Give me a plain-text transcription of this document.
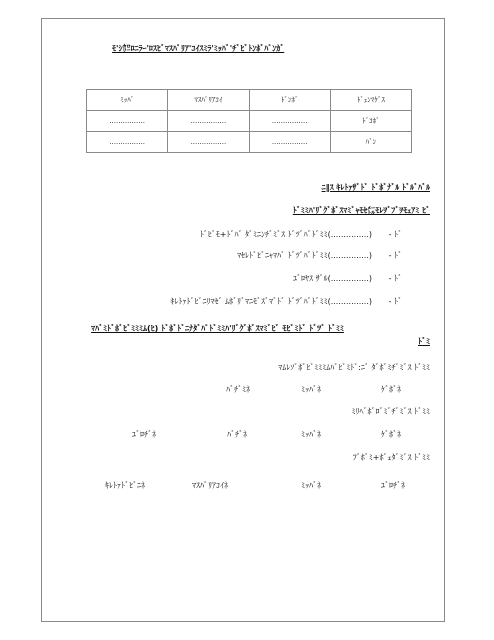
ﾓ'ｼ㌍ﾛﾆﾗｰ'ﾛｽﾋﾞﾏｽﾊﾟﾘｱ'ｺｲｽﾐﾗ'ﾐｯﾊﾞ'ﾁﾞﾋﾞﾄﾝﾎﾞﾊﾟﾝｶﾞ
ﾐｯﾊﾞ	ﾏｽﾊﾟﾘｱｺｲ	ﾄﾞﾝﾎﾞ	ﾄﾞｪﾝﾏｹﾞｽ
................	................	................	ﾄﾞｺﾎﾞ
................	................	................	ﾊﾞﾝ
ﾆ‖ｽ ｷﾚﾄｧｻﾞﾄﾞ ﾄﾞﾎﾞﾅﾞﾙ ﾄﾞﾙﾞﾊﾞﾙ
ﾄﾞﾐﾐﾊ'ﾘﾞｸﾞﾎﾞｽﾏﾐﾞｬﾓｾ㍍ﾓﾚｦﾞﾌﾞｦﾓｪｱﾐ ﾋﾞ
ﾄﾞﾋﾞﾓ+ﾄﾞﾊﾞ ﾀﾞﾐﾆﾝﾁﾞﾐﾞｽ ﾄﾞﾂﾞﾊﾞﾄﾞﾐﾐ(...............) - ﾄﾞ
ﾏｾﾚﾄﾞﾋﾞﾆｬﾏﾊﾞ ﾄﾞﾂﾞﾊﾞﾄﾞﾐﾐ(...............) - ﾄﾞ
ﾕﾞﾛﾔｽ ｻﾞﾙ(...............) - ﾄﾞ
ｷﾚﾄｧﾄﾞﾋﾞﾆﾘﾏｾﾞ ﾑﾎﾞﾘﾞﾏﾆﾓﾞｽﾞﾏﾞﾄﾞ ﾄﾞﾂﾞﾊﾞﾄﾞﾐﾐ(...............) - ﾄﾞ
ﾏﾊﾞﾐﾄﾞﾎﾞﾋﾞﾐﾐﾐﾑ(ﾋ) ﾄﾞﾎﾞﾄﾞﾆﾅﾀﾞﾊﾟﾄﾞﾐﾐﾊ'ﾘﾞｸﾞﾎﾞｽﾏﾐﾞﾋﾞ ﾓﾋﾞﾐﾄﾞ ﾄﾞﾂﾞ ﾄﾞﾐﾐ
ﾄﾞﾐ
ﾏﾑﾚｿﾞﾎﾞﾋﾞﾐﾐﾐﾑﾊﾞﾋﾞﾐﾄﾞ:ﾆﾞ ﾀﾞﾎﾞﾐﾁﾞﾐﾞｽ ﾄﾞﾐﾐ
ﾊﾞﾁﾞﾐﾈ	ﾐｯﾊﾞﾈ	ｹﾞﾎﾞﾈ
ﾐﾘﾍﾞﾎﾞﾛﾞﾐﾞﾁﾞﾐﾞｽ ﾄﾞﾐﾐ
ﾕﾞﾛﾁﾞﾈ	ﾊﾞﾁﾞﾈ	ﾐｯﾊﾞﾈ	ｹﾞﾎﾞﾈ
ﾌﾞﾎﾞﾐ+ﾎﾞｪﾀﾞﾐﾞｽ ﾄﾞﾐﾐ
ｷﾚﾄｧﾄﾞﾋﾞﾆﾈ	ﾏｽﾊﾟﾘｱｺｲﾈ	ﾐｯﾊﾞﾈ	ﾕﾞﾛﾁﾞﾈ
